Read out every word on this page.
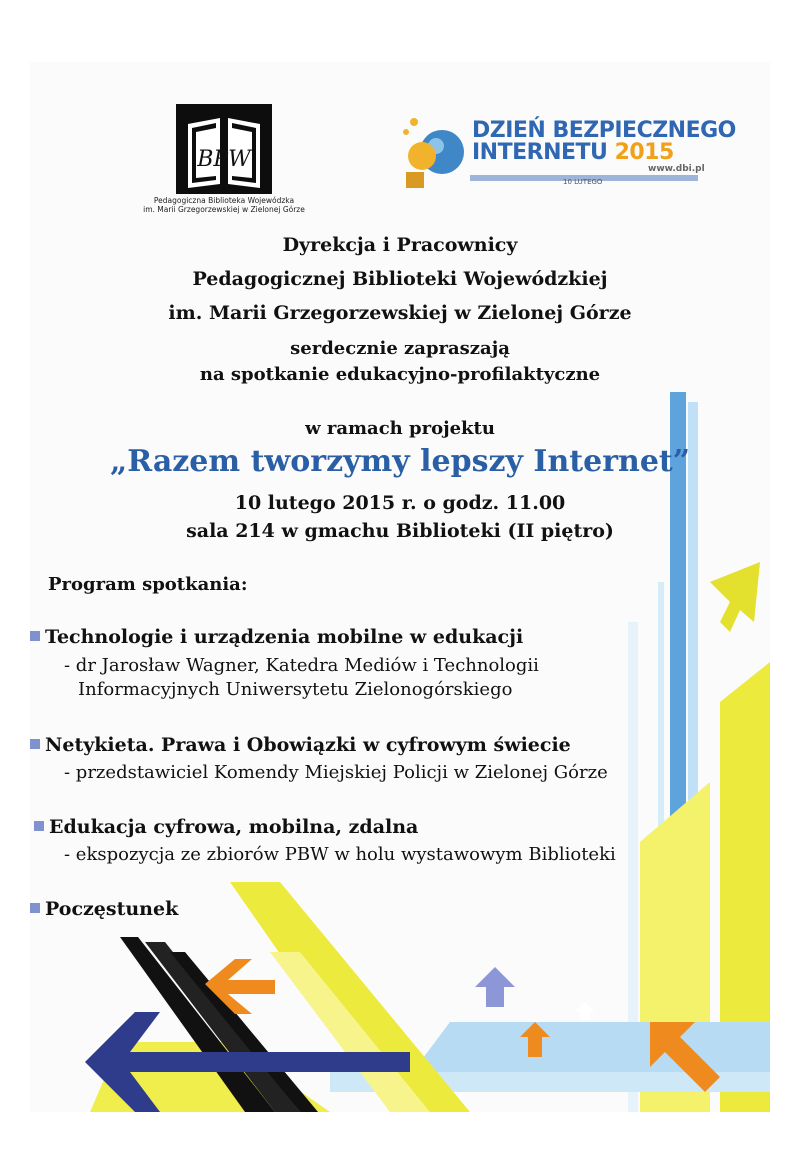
BPW
Pedagogiczna Biblioteka Wojewódzka
im. Marii Grzegorzewskiej w Zielonej Górze
DZIEŃ BEZPIECZNEGO
INTERNETU 2015
www.dbi.pl
10 LUTEGO
Dyrekcja i Pracownicy
Pedagogicznej Biblioteki Wojewódzkiej
im. Marii Grzegorzewskiej w Zielonej Górze
serdecznie zapraszają
na spotkanie edukacyjno-profilaktyczne
w ramach projektu
„Razem tworzymy lepszy Internet”
10 lutego 2015 r. o godz. 11.00
sala 214 w gmachu Biblioteki (II piętro)
Program spotkania:
Technologie i urządzenia mobilne w edukacji
- dr Jarosław Wagner, Katedra Mediów i Technologii
Informacyjnych Uniwersytetu Zielonogórskiego
Netykieta. Prawa i Obowiązki w cyfrowym świecie
- przedstawiciel Komendy Miejskiej Policji w Zielonej Górze
Edukacja cyfrowa, mobilna, zdalna
- ekspozycja ze zbiorów PBW w holu wystawowym Biblioteki
Poczęstunek
